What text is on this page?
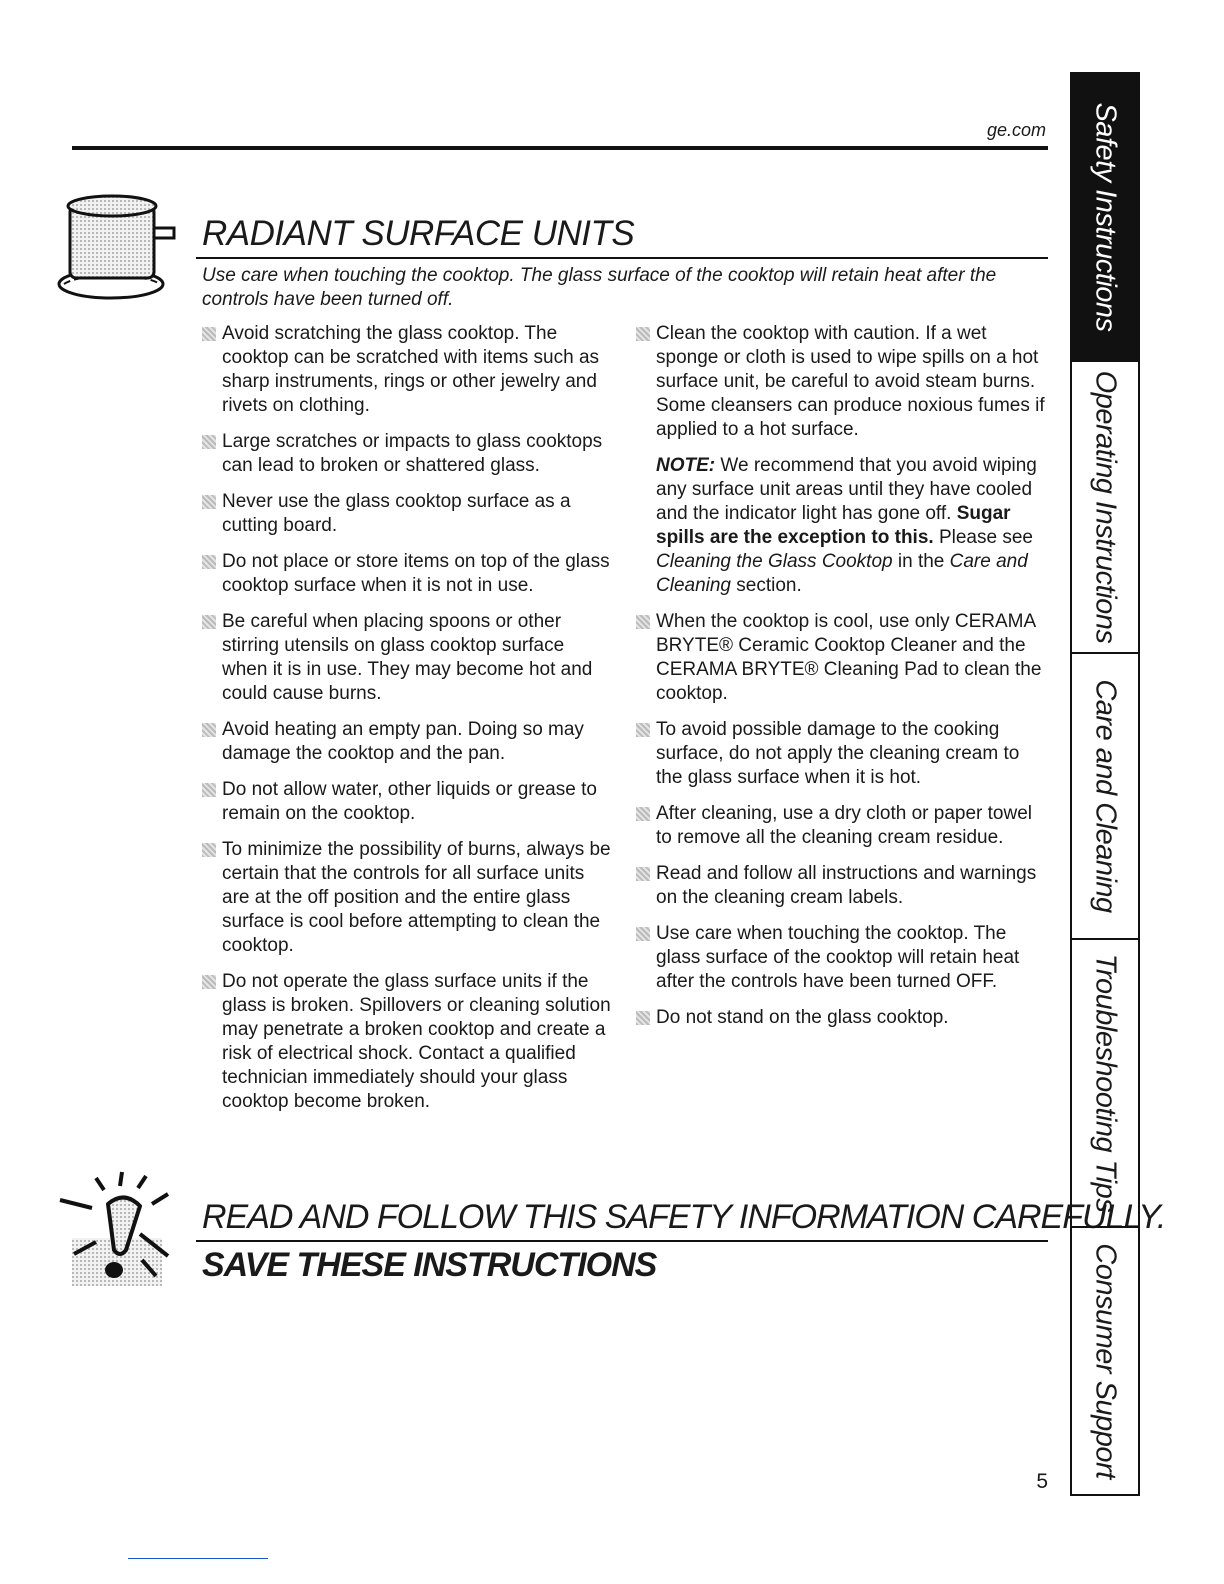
ge.com
RADIANT SURFACE UNITS

Use care when touching the cooktop. The glass surface of the cooktop will retain heat after the controls have been turned off.

Avoid scratching the glass cooktop. The cooktop can be scratched with items such as sharp instruments, rings or other jewelry and rivets on clothing.
Large scratches or impacts to glass cooktops can lead to broken or shattered glass.
Never use the glass cooktop surface as a cutting board.
Do not place or store items on top of the glass cooktop surface when it is not in use.
Be careful when placing spoons or other stirring utensils on glass cooktop surface when it is in use. They may become hot and could cause burns.
Avoid heating an empty pan. Doing so may damage the cooktop and the pan.
Do not allow water, other liquids or grease to remain on the cooktop.
To minimize the possibility of burns, always be certain that the controls for all surface units are at the off position and the entire glass surface is cool before attempting to clean the cooktop.
Do not operate the glass surface units if the glass is broken. Spillovers or cleaning solution may penetrate a broken cooktop and create a risk of electrical shock. Contact a qualified technician immediately should your glass cooktop become broken.
Clean the cooktop with caution. If a wet sponge or cloth is used to wipe spills on a hot surface unit, be careful to avoid steam burns. Some cleansers can produce noxious fumes if applied to a hot surface.
NOTE: We recommend that you avoid wiping any surface unit areas until they have cooled and the indicator light has gone off. Sugar spills are the exception to this. Please see Cleaning the Glass Cooktop in the Care and Cleaning section.
When the cooktop is cool, use only CERAMA BRYTE® Ceramic Cooktop Cleaner and the CERAMA BRYTE® Cleaning Pad to clean the cooktop.
To avoid possible damage to the cooking surface, do not apply the cleaning cream to the glass surface when it is hot.
After cleaning, use a dry cloth or paper towel to remove all the cleaning cream residue.
Read and follow all instructions and warnings on the cleaning cream labels.
Use care when touching the cooktop. The glass surface of the cooktop will retain heat after the controls have been turned OFF.
Do not stand on the glass cooktop.
READ AND FOLLOW THIS SAFETY INFORMATION CAREFULLY.
SAVE THESE INSTRUCTIONS
5
Safety Instructions
Operating Instructions
Care and Cleaning
Troubleshooting Tips
Consumer Support
